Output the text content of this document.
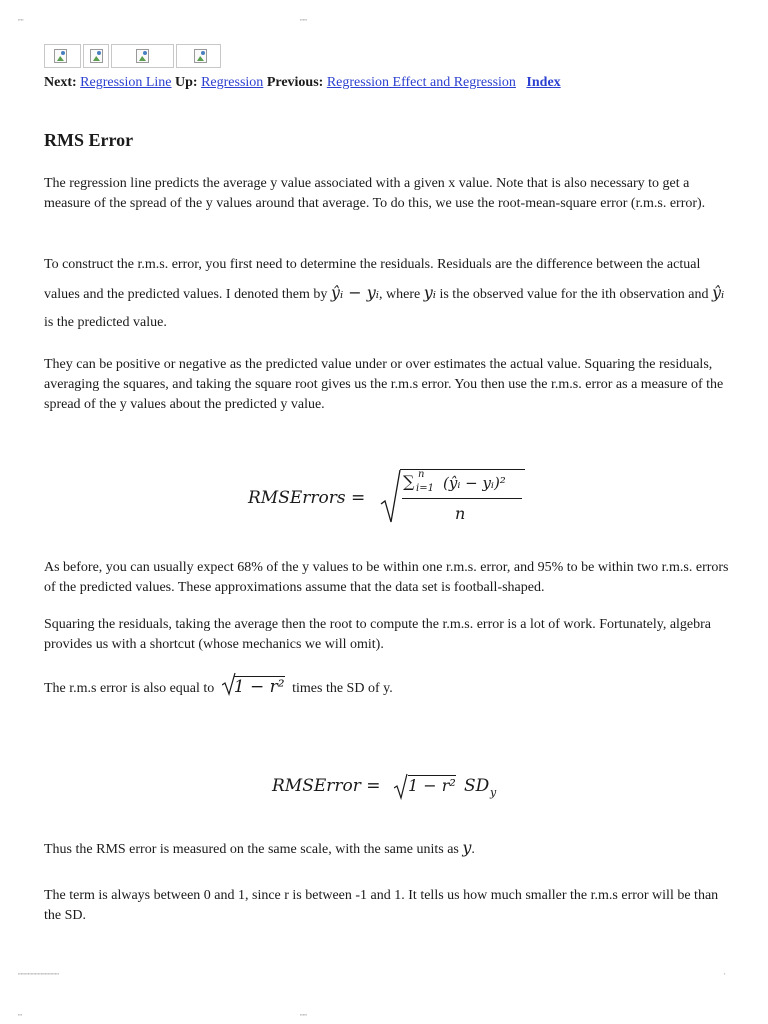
▪▪▪▪	▪▪▪▪▪
Next: Regression Line Up: Regression Previous: Regression Effect and Regression Index
RMS Error

The regression line predicts the average y value associated with a given x value. Note that is also necessary to get a measure of the spread of the y values around that average. To do this, we use the root-mean-square error (r.m.s. error).

To construct the r.m.s. error, you first need to determine the residuals. Residuals are the difference between the actual values and the predicted values. I denoted them by ŷᵢ − yᵢ, where yᵢ is the observed value for the ith observation and ŷᵢ is the predicted value.

They can be positive or negative as the predicted value under or over estimates the actual value. Squaring the residuals, averaging the squares, and taking the square root gives us the r.m.s error. You then use the r.m.s. error as a measure of the spread of the y values about the predicted y value.

RMSErrors =
∑ n
i=1 (ŷᵢ − yᵢ)²
n

As before, you can usually expect 68% of the y values to be within one r.m.s. error, and 95% to be within two r.m.s. errors of the predicted values. These approximations assume that the data set is football-shaped.

Squaring the residuals, taking the average then the root to compute the r.m.s. error is a lot of work. Fortunately, algebra provides us with a shortcut (whose mechanics we will omit).

The r.m.s error is also equal to 1 − r² times the SD of y.

RMSError = 1 − r² SD y

Thus the RMS error is measured on the same scale, with the same units as y.

The term is always between 0 and 1, since r is between -1 and 1. It tells us how much smaller the r.m.s error will be than the SD.

▪▪▪▪▪▪▪▪▪▪▪▪▪▪▪▪▪▪▪▪▪▪▪▪▪▪▪▪▪	▪
▪▪▪	▪▪▪▪▪
